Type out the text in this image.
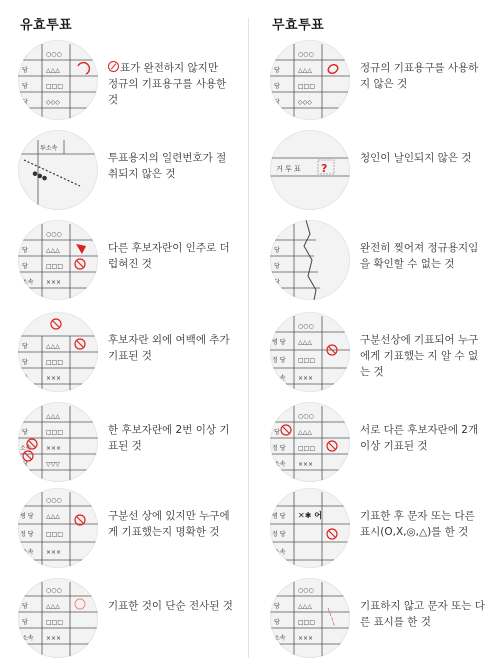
유효투표
당
당
당
당
○○○
△△△
□□□
◇◇◇
표가 완전하지 않지만
정규의 기표용구를 사용한것
투소속
●●●
투표용지의 일련번호가 절취되지 않은 것
당
당
당
소속
○○○
△△△
□□□
×××
다른 후보자란이 인주로 더럽혀진 것
당
당
당
△△△
□□□
×××
후보자란 외에 여백에 추가 기표된 것
당
당
소속
당
△△△
□□□
×××
▽▽▽
한 후보자란에 2번 이상 기표된 것
당
병 당
정 당
소속
○○○
△△△
□□□
×××
구분선 상에 있지만 누구에게 기표했는지 명확한 것
당
당
당
소속
○○○
△△△
□□□
×××
기표한 것이 단순 전사된 것
무효투표
당
당
당
당
○○○
△△△
□□□
◇◇◇
정규의 기표용구를 사용하지 않은 것
거 투 표 ?
청인이 날인되지 않은 것
당
당
당
당
완전히 찢어져 정규용지임을 확인할 수 없는 것
당
병 당
정 당
소속
○○○
△△△
□□□
×××
구분선상에 기표되어 누구에게 기표했는 지 알 수 없는 것
당
당
정 당
소속
○○○
△△△
□□□
×××
서로 다른 후보자란에 2개 이상 기표된 것
당
병 당
정 당
소속
✕✱ 어	기표한 후 문자 또는 다른 표시(O,X,◎,△)를 한 것
당
당
당
소속
○○○
△△△
□□□
×××
~~~~
기표하지 않고 문자 또는 다른 표시를 한 것
